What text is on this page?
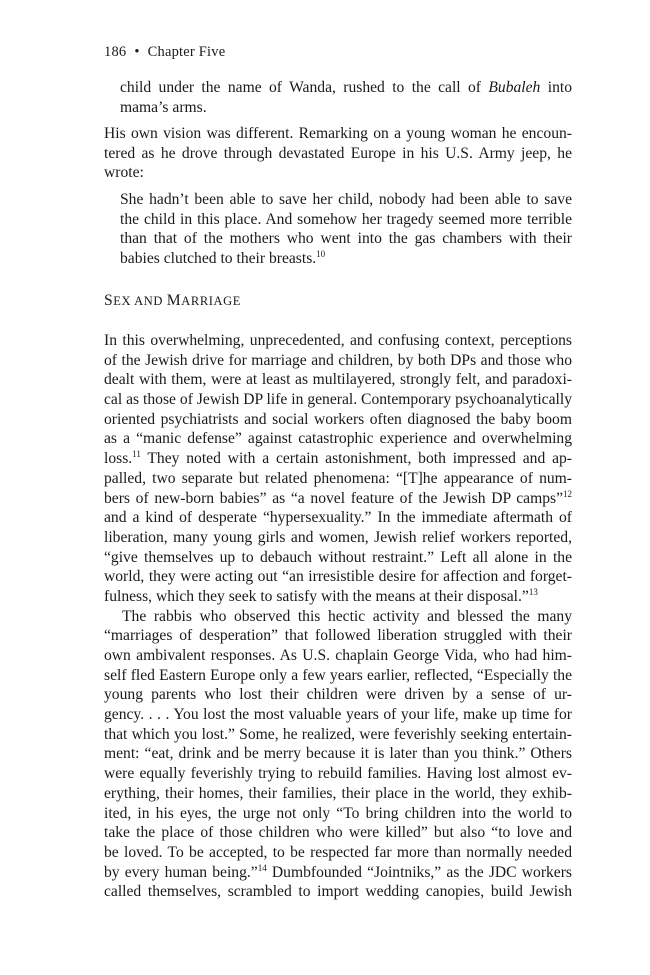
186 • Chapter Five
child under the name of Wanda, rushed to the call of Bubaleh into
mama’s arms.
His own vision was different. Remarking on a young woman he encoun-
tered as he drove through devastated Europe in his U.S. Army jeep, he
wrote:
She hadn’t been able to save her child, nobody had been able to save
the child in this place. And somehow her tragedy seemed more terrible
than that of the mothers who went into the gas chambers with their
babies clutched to their breasts.$^{10}$
SEX AND MARRIAGE
In this overwhelming, unprecedented, and confusing context, perceptions
of the Jewish drive for marriage and children, by both DPs and those who
dealt with them, were at least as multilayered, strongly felt, and paradoxi-
cal as those of Jewish DP life in general. Contemporary psychoanalytically
oriented psychiatrists and social workers often diagnosed the baby boom
as a “manic defense” against catastrophic experience and overwhelming
loss.$^{11}$ They noted with a certain astonishment, both impressed and ap-
palled, two separate but related phenomena: “[T]he appearance of num-
bers of new-born babies” as “a novel feature of the Jewish DP camps”$^{12}$
and a kind of desperate “hypersexuality.” In the immediate aftermath of
liberation, many young girls and women, Jewish relief workers reported,
“give themselves up to debauch without restraint.” Left all alone in the
world, they were acting out “an irresistible desire for affection and forget-
fulness, which they seek to satisfy with the means at their disposal.”$^{13}$
The rabbis who observed this hectic activity and blessed the many
“marriages of desperation” that followed liberation struggled with their
own ambivalent responses. As U.S. chaplain George Vida, who had him-
self fled Eastern Europe only a few years earlier, reflected, “Especially the
young parents who lost their children were driven by a sense of ur-
gency. . . . You lost the most valuable years of your life, make up time for
that which you lost.” Some, he realized, were feverishly seeking entertain-
ment: “eat, drink and be merry because it is later than you think.” Others
were equally feverishly trying to rebuild families. Having lost almost ev-
erything, their homes, their families, their place in the world, they exhib-
ited, in his eyes, the urge not only “To bring children into the world to
take the place of those children who were killed” but also “to love and
be loved. To be accepted, to be respected far more than normally needed
by every human being.”$^{14}$ Dumbfounded “Jointniks,” as the JDC workers
called themselves, scrambled to import wedding canopies, build Jewish
